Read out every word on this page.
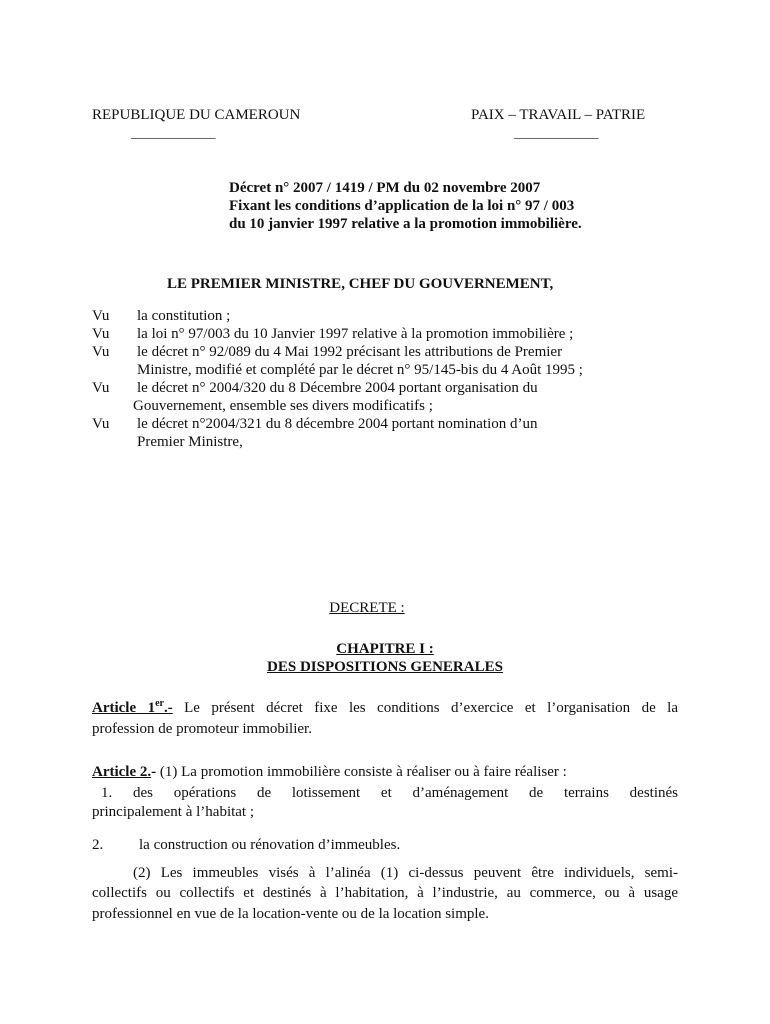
REPUBLIQUE DU CAMEROUN
_____________
PAIX – TRAVAIL – PATRIE
_____________
Décret n° 2007 / 1419 / PM du 02 novembre 2007
Fixant les conditions d’application de la loi n° 97 / 003
du 10 janvier 1997 relative a la promotion immobilière.
LE PREMIER MINISTRE, CHEF DU GOUVERNEMENT,
Vu la constitution ;
Vu la loi n° 97/003 du 10 Janvier 1997 relative à la promotion immobilière ;
Vu le décret n° 92/089 du 4 Mai 1992 précisant les attributions de Premier
Ministre, modifié et complété par le décret n° 95/145-bis du 4 Août 1995 ;
Vu le décret n° 2004/320 du 8 Décembre 2004 portant organisation du
Gouvernement, ensemble ses divers modificatifs ;
Vu le décret n°2004/321 du 8 décembre 2004 portant nomination d’un
Premier Ministre,
DECRETE :
CHAPITRE I :
DES DISPOSITIONS GENERALES
Article 1er.- Le présent décret fixe les conditions d’exercice et l’organisation de la
profession de promoteur immobilier.
Article 2.- (1) La promotion immobilière consiste à réaliser ou à faire réaliser :
1. des opérations de lotissement et d’aménagement de terrains destinés
principalement à l’habitat ;
2. la construction ou rénovation d’immeubles.
(2) Les immeubles visés à l’alinéa (1) ci-dessus peuvent être individuels, semi-
collectifs ou collectifs et destinés à l’habitation, à l’industrie, au commerce, ou à usage
professionnel en vue de la location-vente ou de la location simple.
